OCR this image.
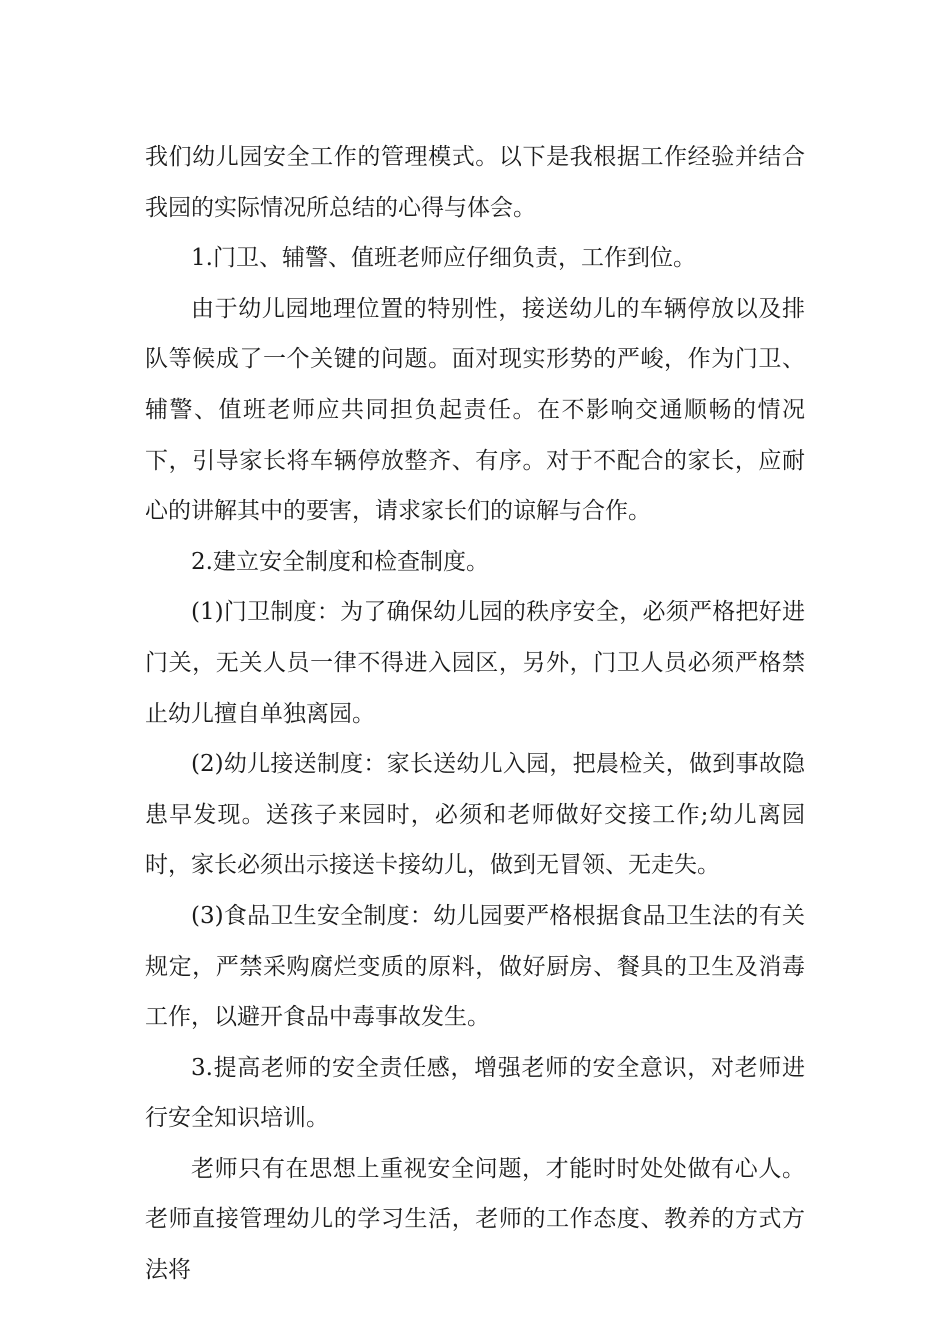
我们幼儿园安全工作的管理模式。以下是我根据工作经验并结合我园的实际情况所总结的心得与体会。

1.门卫、辅警、值班老师应仔细负责，工作到位。

由于幼儿园地理位置的特别性，接送幼儿的车辆停放以及排队等候成了一个关键的问题。面对现实形势的严峻，作为门卫、辅警、值班老师应共同担负起责任。在不影响交通顺畅的情况下，引导家长将车辆停放整齐、有序。对于不配合的家长，应耐心的讲解其中的要害，请求家长们的谅解与合作。

2.建立安全制度和检查制度。

(1)门卫制度：为了确保幼儿园的秩序安全，必须严格把好进门关，无关人员一律不得进入园区，另外，门卫人员必须严格禁止幼儿擅自单独离园。

(2)幼儿接送制度：家长送幼儿入园，把晨检关，做到事故隐患早发现。送孩子来园时，必须和老师做好交接工作;幼儿离园时，家长必须出示接送卡接幼儿，做到无冒领、无走失。

(3)食品卫生安全制度：幼儿园要严格根据食品卫生法的有关规定，严禁采购腐烂变质的原料，做好厨房、餐具的卫生及消毒工作，以避开食品中毒事故发生。

3.提高老师的安全责任感，增强老师的安全意识，对老师进行安全知识培训。

老师只有在思想上重视安全问题，才能时时处处做有心人。老师直接管理幼儿的学习生活，老师的工作态度、教养的方式方法将
